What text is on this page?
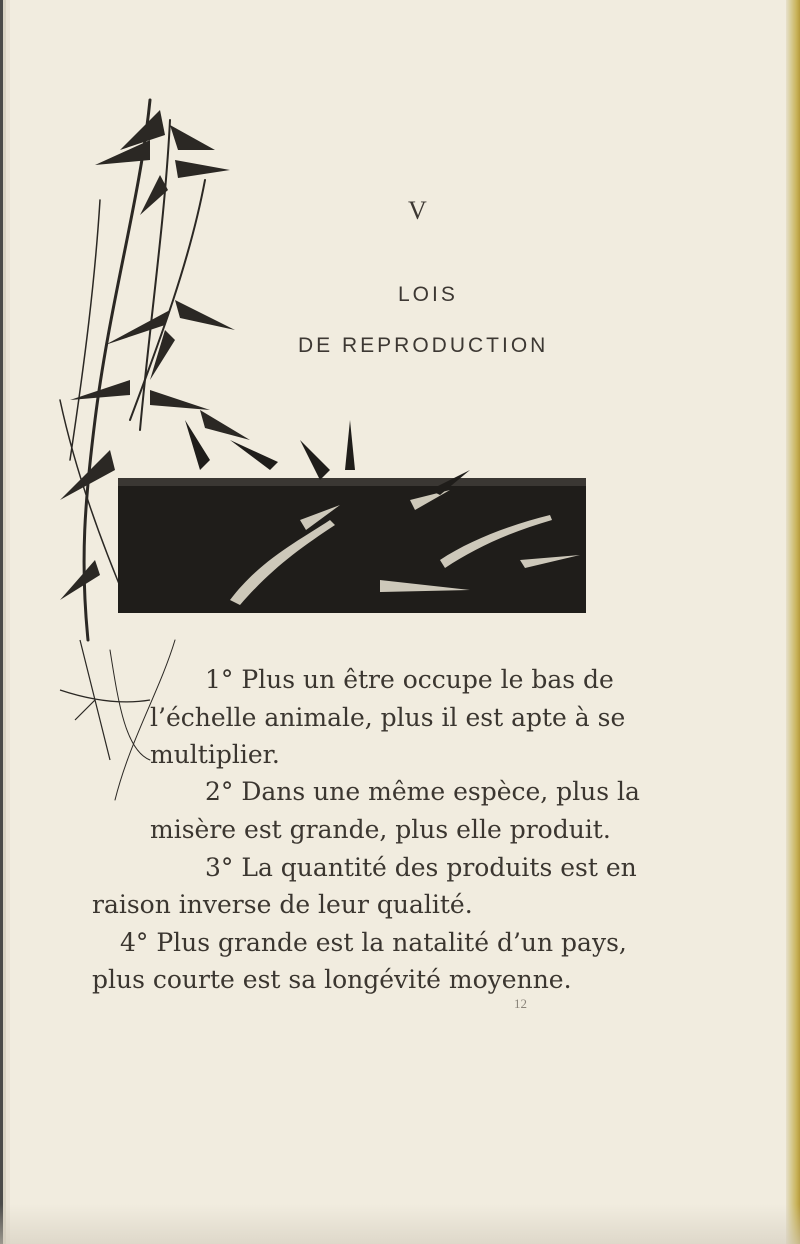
V
LOIS
DE REPRODUCTION
1° Plus un être occupe le bas de
l’échelle animale, plus il est apte à se
multiplier.
2° Dans une même espèce, plus la
misère est grande, plus elle produit.
3° La quantité des produits est en
raison inverse de leur qualité.
4° Plus grande est la natalité d’un pays,
plus courte est sa longévité moyenne.
12
